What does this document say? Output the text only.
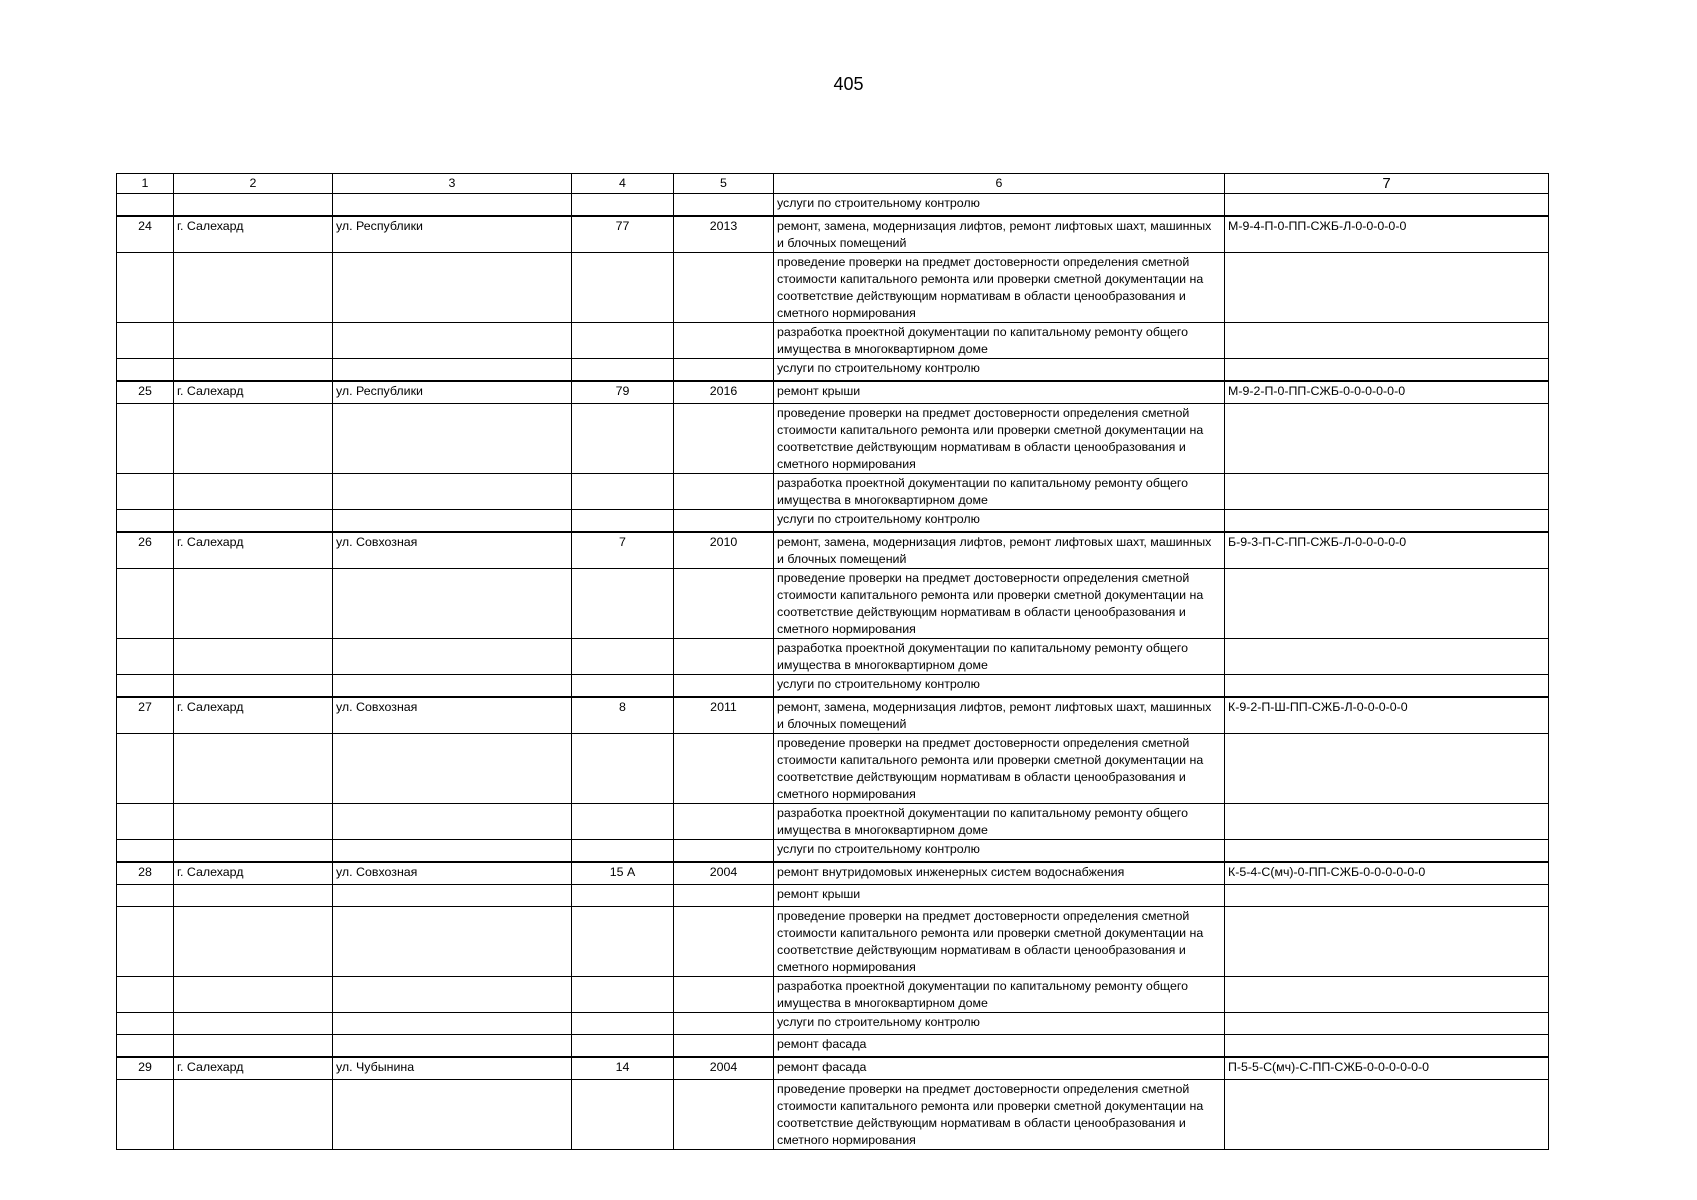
405
1	2	3	4	5	6	7
					услуги по строительному контролю	
24	г. Салехард	ул. Республики	77	2013	ремонт, замена, модернизация лифтов, ремонт лифтовых шахт, машинных и блочных помещений	М-9-4-П-0-ПП-СЖБ-Л-0-0-0-0-0
					проведение проверки на предмет достоверности определения сметной стоимости капитального ремонта или проверки сметной документации на соответствие действующим нормативам в области ценообразования и сметного нормирования	
					разработка проектной документации по капитальному ремонту общего имущества в многоквартирном доме	
					услуги по строительному контролю	
25	г. Салехард	ул. Республики	79	2016	ремонт крыши	М-9-2-П-0-ПП-СЖБ-0-0-0-0-0-0
					проведение проверки на предмет достоверности определения сметной стоимости капитального ремонта или проверки сметной документации на соответствие действующим нормативам в области ценообразования и сметного нормирования	
					разработка проектной документации по капитальному ремонту общего имущества в многоквартирном доме	
					услуги по строительному контролю	
26	г. Салехард	ул. Совхозная	7	2010	ремонт, замена, модернизация лифтов, ремонт лифтовых шахт, машинных и блочных помещений	Б-9-3-П-С-ПП-СЖБ-Л-0-0-0-0-0
					проведение проверки на предмет достоверности определения сметной стоимости капитального ремонта или проверки сметной документации на соответствие действующим нормативам в области ценообразования и сметного нормирования	
					разработка проектной документации по капитальному ремонту общего имущества в многоквартирном доме	
					услуги по строительному контролю	
27	г. Салехард	ул. Совхозная	8	2011	ремонт, замена, модернизация лифтов, ремонт лифтовых шахт, машинных и блочных помещений	К-9-2-П-Ш-ПП-СЖБ-Л-0-0-0-0-0
					проведение проверки на предмет достоверности определения сметной стоимости капитального ремонта или проверки сметной документации на соответствие действующим нормативам в области ценообразования и сметного нормирования	
					разработка проектной документации по капитальному ремонту общего имущества в многоквартирном доме	
					услуги по строительному контролю	
28	г. Салехард	ул. Совхозная	15 А	2004	ремонт внутридомовых инженерных систем водоснабжения	К-5-4-С(мч)-0-ПП-СЖБ-0-0-0-0-0-0
					ремонт крыши	
					проведение проверки на предмет достоверности определения сметной стоимости капитального ремонта или проверки сметной документации на соответствие действующим нормативам в области ценообразования и сметного нормирования	
					разработка проектной документации по капитальному ремонту общего имущества в многоквартирном доме	
					услуги по строительному контролю	
					ремонт фасада	
29	г. Салехард	ул. Чубынина	14	2004	ремонт фасада	П-5-5-С(мч)-С-ПП-СЖБ-0-0-0-0-0-0
					проведение проверки на предмет достоверности определения сметной стоимости капитального ремонта или проверки сметной документации на соответствие действующим нормативам в области ценообразования и сметного нормирования	
